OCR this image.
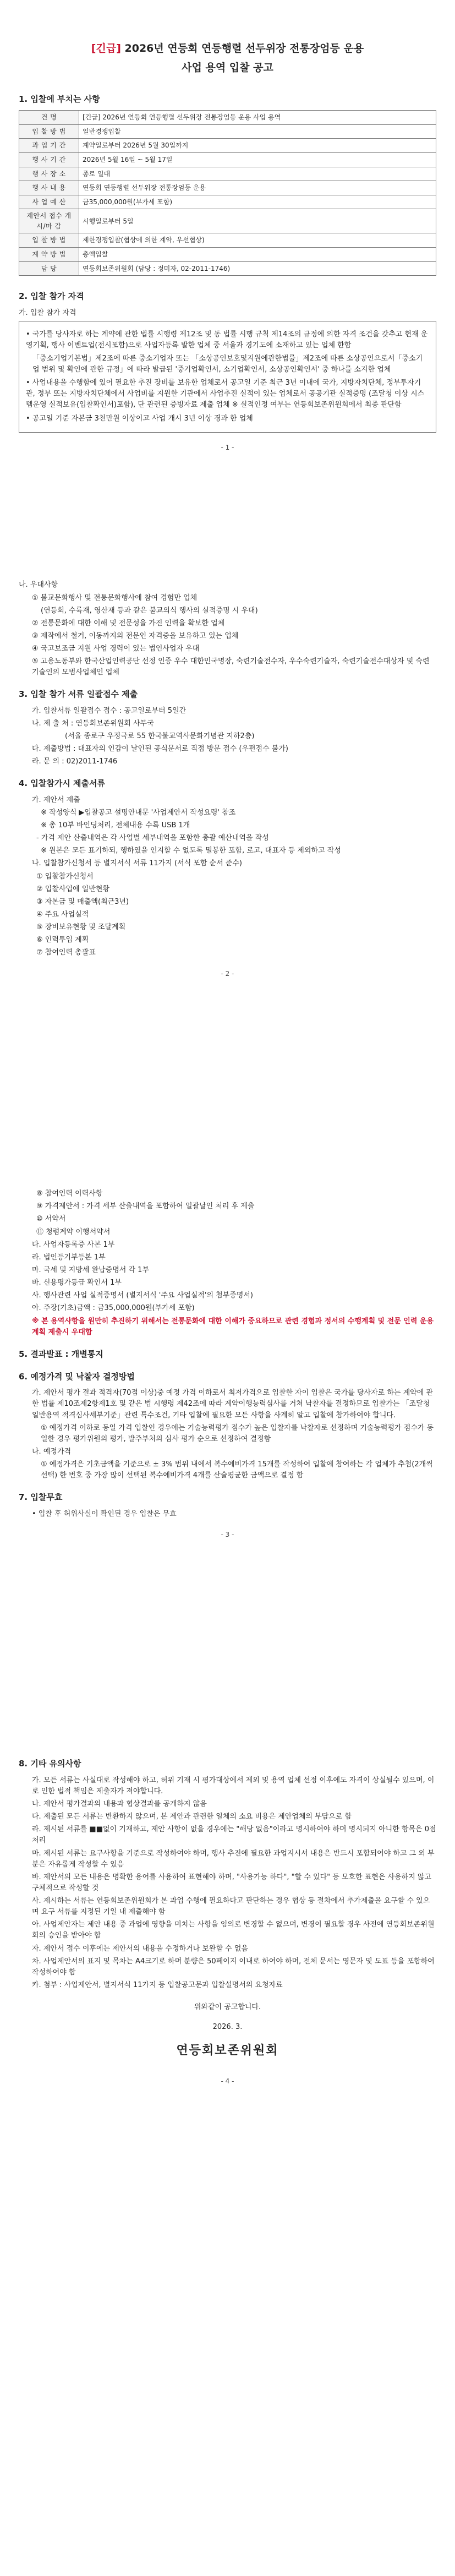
[긴급] 2026년 연등회 연등행렬 선두위장 전통장엄등 운용
사업 용역 입찰 공고
1. 입찰에 부치는 사항
건 명	[긴급] 2026년 연등회 연등행렬 선두위장 전통장엄등 운용 사업 용역
입 찰 방 법	일반경쟁입찰
과 업 기 간	계약일로부터 2026년 5월 30일까지
행 사 기 간	2026년 5월 16일 ~ 5월 17일
행 사 장 소	종로 일대
행 사 내 용	연등회 연등행렬 선두위장 전통장엄등 운용
사 업 예 산	금35,000,000원(부가세 포함)
제안서 접수 개 시/마 감	시행일로부터 5일
입 찰 방 법	제한경쟁입찰(협상에 의한 계약, 우선협상)
계 약 방 법	총액입찰
담 당	연등회보존위원회 (담당 : 정미자, 02-2011-1746)
2. 입찰 참가 자격

가. 입찰 참가 자격

• 국가를 당사자로 하는 계약에 관한 법률 시행령 제12조 및 동 법률 시행 규칙 제14조의 규정에 의한 자격 조건을 갖추고 현재 운영기획, 행사 이벤트업(전시포함)으로 사업자등록 발한 업체 중 서울과 경기도에 소재하고 있는 업체 한함

「중소기업기본법」제2조에 따른 중소기업자 또는 「소상공인보호및지원에관한법률」제2조에 따른 소상공인으로서「중소기업 범위 및 확인에 관한 규정」에 따라 발급된 '중기업확인서, 소기업확인서, 소상공인확인서' 중 하나를 소지한 업체

• 사업내용을 수행함에 있어 필요한 추진 장비를 보유한 업체로서 공고일 기준 최근 3년 이내에 국가, 지방자치단체, 정부투자기관, 정부 또는 지방자치단체에서 사업비를 지원한 기관에서 사업추진 실적이 있는 업체로서 공공기관 실적증명 (조달청 이상 시스템운영 실적보유(입찰확인서)포함), 단 관련된 증빙자료 제출 업체 ※ 실적인정 여부는 연등회보존위원회에서 최종 판단함

• 공고일 기준 자본금 3천만원 이상이고 사업 개시 3년 이상 경과 한 업체

- 1 -

나. 우대사항

① 불교문화행사 및 전통문화행사에 참여 경험만 업체

(연등회, 수륙재, 영산재 등과 같은 불교의식 행사의 실적증명 시 우대)

② 전통문화에 대한 이해 및 전문성을 가진 인력을 확보한 업체

③ 제작에서 철거, 이동까지의 전문인 자격증을 보유하고 있는 업체

④ 국고보조금 지원 사업 경력이 있는 법인사업자 우대

⑤ 고용노동부와 한국산업인력공단 선정 인증 우수 대한민국명장, 숙련기술전수자, 우수숙련기술자, 숙련기술전수대상자 및 숙련기술인의 모범사업체인 업체

3. 입찰 참가 서류 일괄접수 제출

가. 입찰서류 일괄접수 접수 : 공고일로부터 5일간

나. 제 출 처 : 연등회보존위원회 사무국

(서울 종로구 우정국로 55 한국불교역사문화기념관 지하2층)

다. 제출방법 : 대표자의 인감이 날인된 공식문서로 직접 방문 접수 (우편접수 불가)

라. 문 의 : 02)2011-1746

4. 입찰참가시 제출서류

가. 제안서 제출

※ 작성양식 ▶입찰공고 설명안내문 '사업제안서 작성요령' 참조

※ 총 10부 바인딩처리, 전체내용 수록 USB 1개

- 가격 제안 산출내역은 각 사업별 세부내역을 포함한 총괄 예산내역을 작성

※ 원본은 모든 표기하되, 행하였을 인지할 수 없도록 밀봉한 포함, 로고, 대표자 등 제외하고 작성

나. 입찰참가신청서 등 별지서식 서류 11가지 (서식 포함 순서 준수)

① 입찰참가신청서

② 입찰사업에 일반현황

③ 자본금 및 매출액(최근3년)

④ 주요 사업실적

⑤ 장비보유현황 및 조달계획

⑥ 인력투입 계획

⑦ 참여인력 총괄표

- 2 -

⑧ 참여인력 이력사항

⑨ 가격제안서 : 가격 세부 산출내역을 포함하여 일괄날인 처리 후 제출

⑩ 서약서

⑪ 청렴계약 이행서약서

다. 사업자등록증 사본 1부

라. 법인등기부등본 1부

마. 국세 및 지방세 완납증명서 각 1부

바. 신용평가등급 확인서 1부

사. 행사관련 사업 실적증명서 (별지서식 '주요 사업실적'의 첨부증명서)

아. 주장(기초)금액 : 금35,000,000원(부가세 포함)

※ 본 용역사항을 원만히 추진하기 위해서는 전통문화에 대한 이해가 중요하므로 관련 경험과 정서의 수행계획 및 전문 인력 운용계획 제출시 우대함

5. 결과발표 : 개별통지
6. 예정가격 및 낙찰자 결정방법

가. 제안서 평가 결과 적격자(70점 이상)중 예정 가격 이하로서 최저가격으로 입찰한 자이 입찰은 국가를 당사자로 하는 계약에 관한 법률 제10조제2항제1호 및 같은 법 시행령 제42조에 따라 계약이행능력심사를 거쳐 낙찰자를 결정하므로 입찰가는 「조달청 일반용역 적격심사세부기준」관련 특수조건, 기타 입찰에 필요한 모든 사항을 사계히 알고 입찰에 참가하여야 합니다.

① 예정가격 이하로 동일 가격 입찰인 경우에는 기술능력평가 점수가 높은 입찰자를 낙찰자로 선정하며 기술능력평가 점수가 동일한 경우 평가위원의 평가, 발주부처의 심사 평가 순으로 선정하여 결정함

나. 예정가격

① 예정가격은 기초금액을 기준으로 ± 3% 범위 내에서 복수예비가격 15개를 작성하여 입찰에 참여하는 각 업체가 추첨(2개씩 선택) 한 번호 중 가장 많이 선택된 복수예비가격 4개를 산술평균한 금액으로 결정 함

7. 입찰무효

• 입찰 후 허위사실이 확인된 경우 입찰은 무효

- 3 -
8. 기타 유의사항

가. 모든 서류는 사실대로 작성해야 하고, 허위 기재 시 평가대상에서 제외 및 용역 업체 선정 이후에도 자격이 상실될수 있으며, 이로 인한 법적 책임은 제출자가 져야합니다.

나. 제안서 평가결과의 내용과 협상결과를 공개하지 않음

다. 제출된 모든 서류는 반환하지 않으며, 본 제안과 관련한 일체의 소요 비용은 제안업체의 부담으로 함

라. 제시된 서류를 ■■없이 기재하고, 제안 사항이 없을 경우에는 "해당 없음"이라고 명시하여야 하며 명시되지 아니한 항목은 0점 처리

마. 제시된 서류는 요구사항을 기준으로 작성하여야 하며, 행사 추진에 필요한 과업지시서 내용은 반드시 포함되어야 하고 그 외 부분은 자유롭게 작성할 수 있음

바. 제안서의 모든 내용은 명확한 용어를 사용하여 표현해야 하며, "사용가능 하다", "할 수 있다" 등 모호한 표현은 사용하지 않고 구체적으로 작성할 것

사. 제시하는 서류는 연등회보존위원회가 본 과업 수행에 필요하다고 판단하는 경우 협상 등 절차에서 추가제출을 요구할 수 있으며 요구 서류를 지정된 기일 내 제출해야 함

아. 사업제안자는 제안 내용 중 과업에 영향을 미치는 사항을 임의로 변경할 수 없으며, 변경이 필요할 경우 사전에 연등회보존위원회의 승인을 받아야 함

자. 제안서 접수 이후에는 제안서의 내용을 수정하거나 보완할 수 없음

차. 사업제안서의 표지 및 목차는 A4크기로 하며 분량은 50페이지 이내로 하여야 하며, 전체 문서는 영문자 및 도표 등을 포함하여 작성하여야 함

카. 첨부 : 사업제안서, 별지서식 11가지 등 입찰공고문과 입찰설명서의 요청자료

위와같이 공고합니다.

2026. 3.

연등회보존위원회
- 4 -
